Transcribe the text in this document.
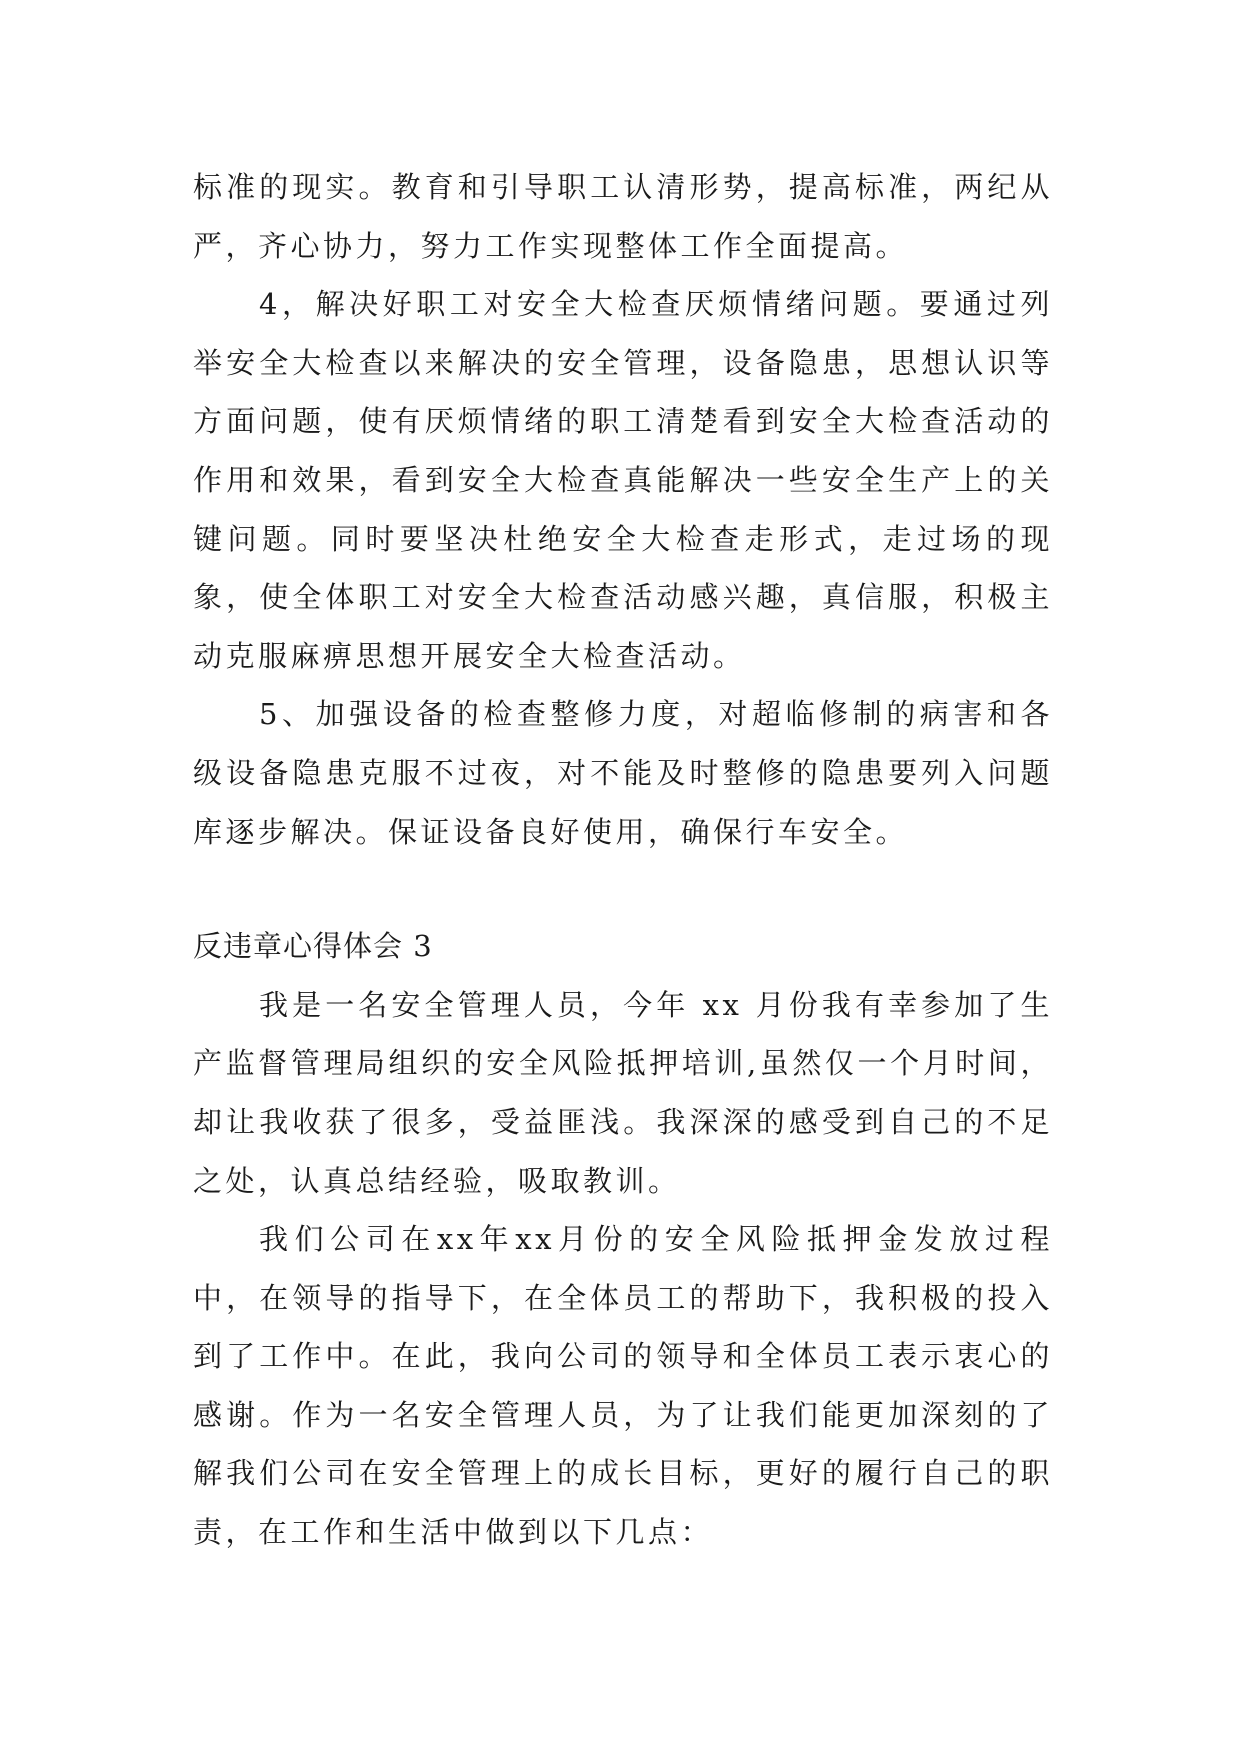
标准的现实。教育和引导职工认清形势，提高标准，两纪从严，齐心协力，努力工作实现整体工作全面提高。

4，解决好职工对安全大检查厌烦情绪问题。要通过列举安全大检查以来解决的安全管理，设备隐患，思想认识等方面问题，使有厌烦情绪的职工清楚看到安全大检查活动的作用和效果，看到安全大检查真能解决一些安全生产上的关键问题。同时要坚决杜绝安全大检查走形式，走过场的现象，使全体职工对安全大检查活动感兴趣，真信服，积极主动克服麻痹思想开展安全大检查活动。

5、加强设备的检查整修力度，对超临修制的病害和各级设备隐患克服不过夜，对不能及时整修的隐患要列入问题库逐步解决。保证设备良好使用，确保行车安全。

反违章心得体会 3

我是一名安全管理人员，今年 xx 月份我有幸参加了生产监督管理局组织的安全风险抵押培训,虽然仅一个月时间，却让我收获了很多，受益匪浅。我深深的感受到自己的不足之处，认真总结经验，吸取教训。

我们公司在xx年xx月份的安全风险抵押金发放过程中，在领导的指导下，在全体员工的帮助下，我积极的投入到了工作中。在此，我向公司的领导和全体员工表示衷心的感谢。作为一名安全管理人员，为了让我们能更加深刻的了解我们公司在安全管理上的成长目标，更好的履行自己的职责，在工作和生活中做到以下几点：
